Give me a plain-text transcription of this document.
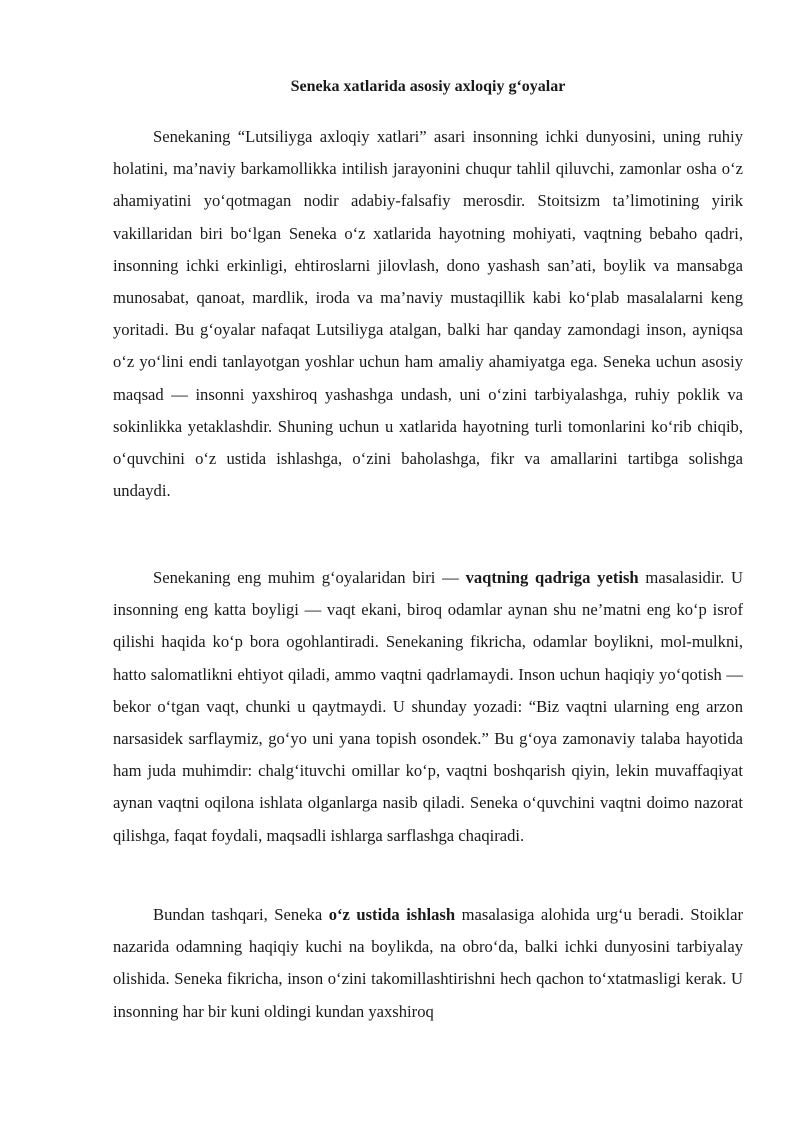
Seneka xatlarida asosiy axloqiy g‘oyalar

Senekaning “Lutsiliyga axloqiy xatlari” asari insonning ichki dunyosini, uning ruhiy holatini, ma’naviy barkamollikka intilish jarayonini chuqur tahlil qiluvchi, zamonlar osha o‘z ahamiyatini yo‘qotmagan nodir adabiy-falsafiy merosdir. Stoitsizm ta’limotining yirik vakillaridan biri bo‘lgan Seneka o‘z xatlarida hayotning mohiyati, vaqtning bebaho qadri, insonning ichki erkinligi, ehtiroslarni jilovlash, dono yashash san’ati, boylik va mansabga munosabat, qanoat, mardlik, iroda va ma’naviy mustaqillik kabi ko‘plab masalalarni keng yoritadi. Bu g‘oyalar nafaqat Lutsiliyga atalgan, balki har qanday zamondagi inson, ayniqsa o‘z yo‘lini endi tanlayotgan yoshlar uchun ham amaliy ahamiyatga ega. Seneka uchun asosiy maqsad — insonni yaxshiroq yashashga undash, uni o‘zini tarbiyalashga, ruhiy poklik va sokinlikka yetaklashdir. Shuning uchun u xatlarida hayotning turli tomonlarini ko‘rib chiqib, o‘quvchini o‘z ustida ishlashga, o‘zini baholashga, fikr va amallarini tartibga solishga undaydi.

Senekaning eng muhim g‘oyalaridan biri — vaqtning qadriga yetish masalasidir. U insonning eng katta boyligi — vaqt ekani, biroq odamlar aynan shu ne’matni eng ko‘p isrof qilishi haqida ko‘p bora ogohlantiradi. Senekaning fikricha, odamlar boylikni, mol-mulkni, hatto salomatlikni ehtiyot qiladi, ammo vaqtni qadrlamaydi. Inson uchun haqiqiy yo‘qotish — bekor o‘tgan vaqt, chunki u qaytmaydi. U shunday yozadi: “Biz vaqtni ularning eng arzon narsasidek sarflaymiz, go‘yo uni yana topish osondek.” Bu g‘oya zamonaviy talaba hayotida ham juda muhimdir: chalg‘ituvchi omillar ko‘p, vaqtni boshqarish qiyin, lekin muvaffaqiyat aynan vaqtni oqilona ishlata olganlarga nasib qiladi. Seneka o‘quvchini vaqtni doimo nazorat qilishga, faqat foydali, maqsadli ishlarga sarflashga chaqiradi.

Bundan tashqari, Seneka o‘z ustida ishlash masalasiga alohida urg‘u beradi. Stoiklar nazarida odamning haqiqiy kuchi na boylikda, na obro‘da, balki ichki dunyosini tarbiyalay olishida. Seneka fikricha, inson o‘zini takomillashtirishni hech qachon to‘xtatmasligi kerak. U insonning har bir kuni oldingi kundan yaxshiroq
